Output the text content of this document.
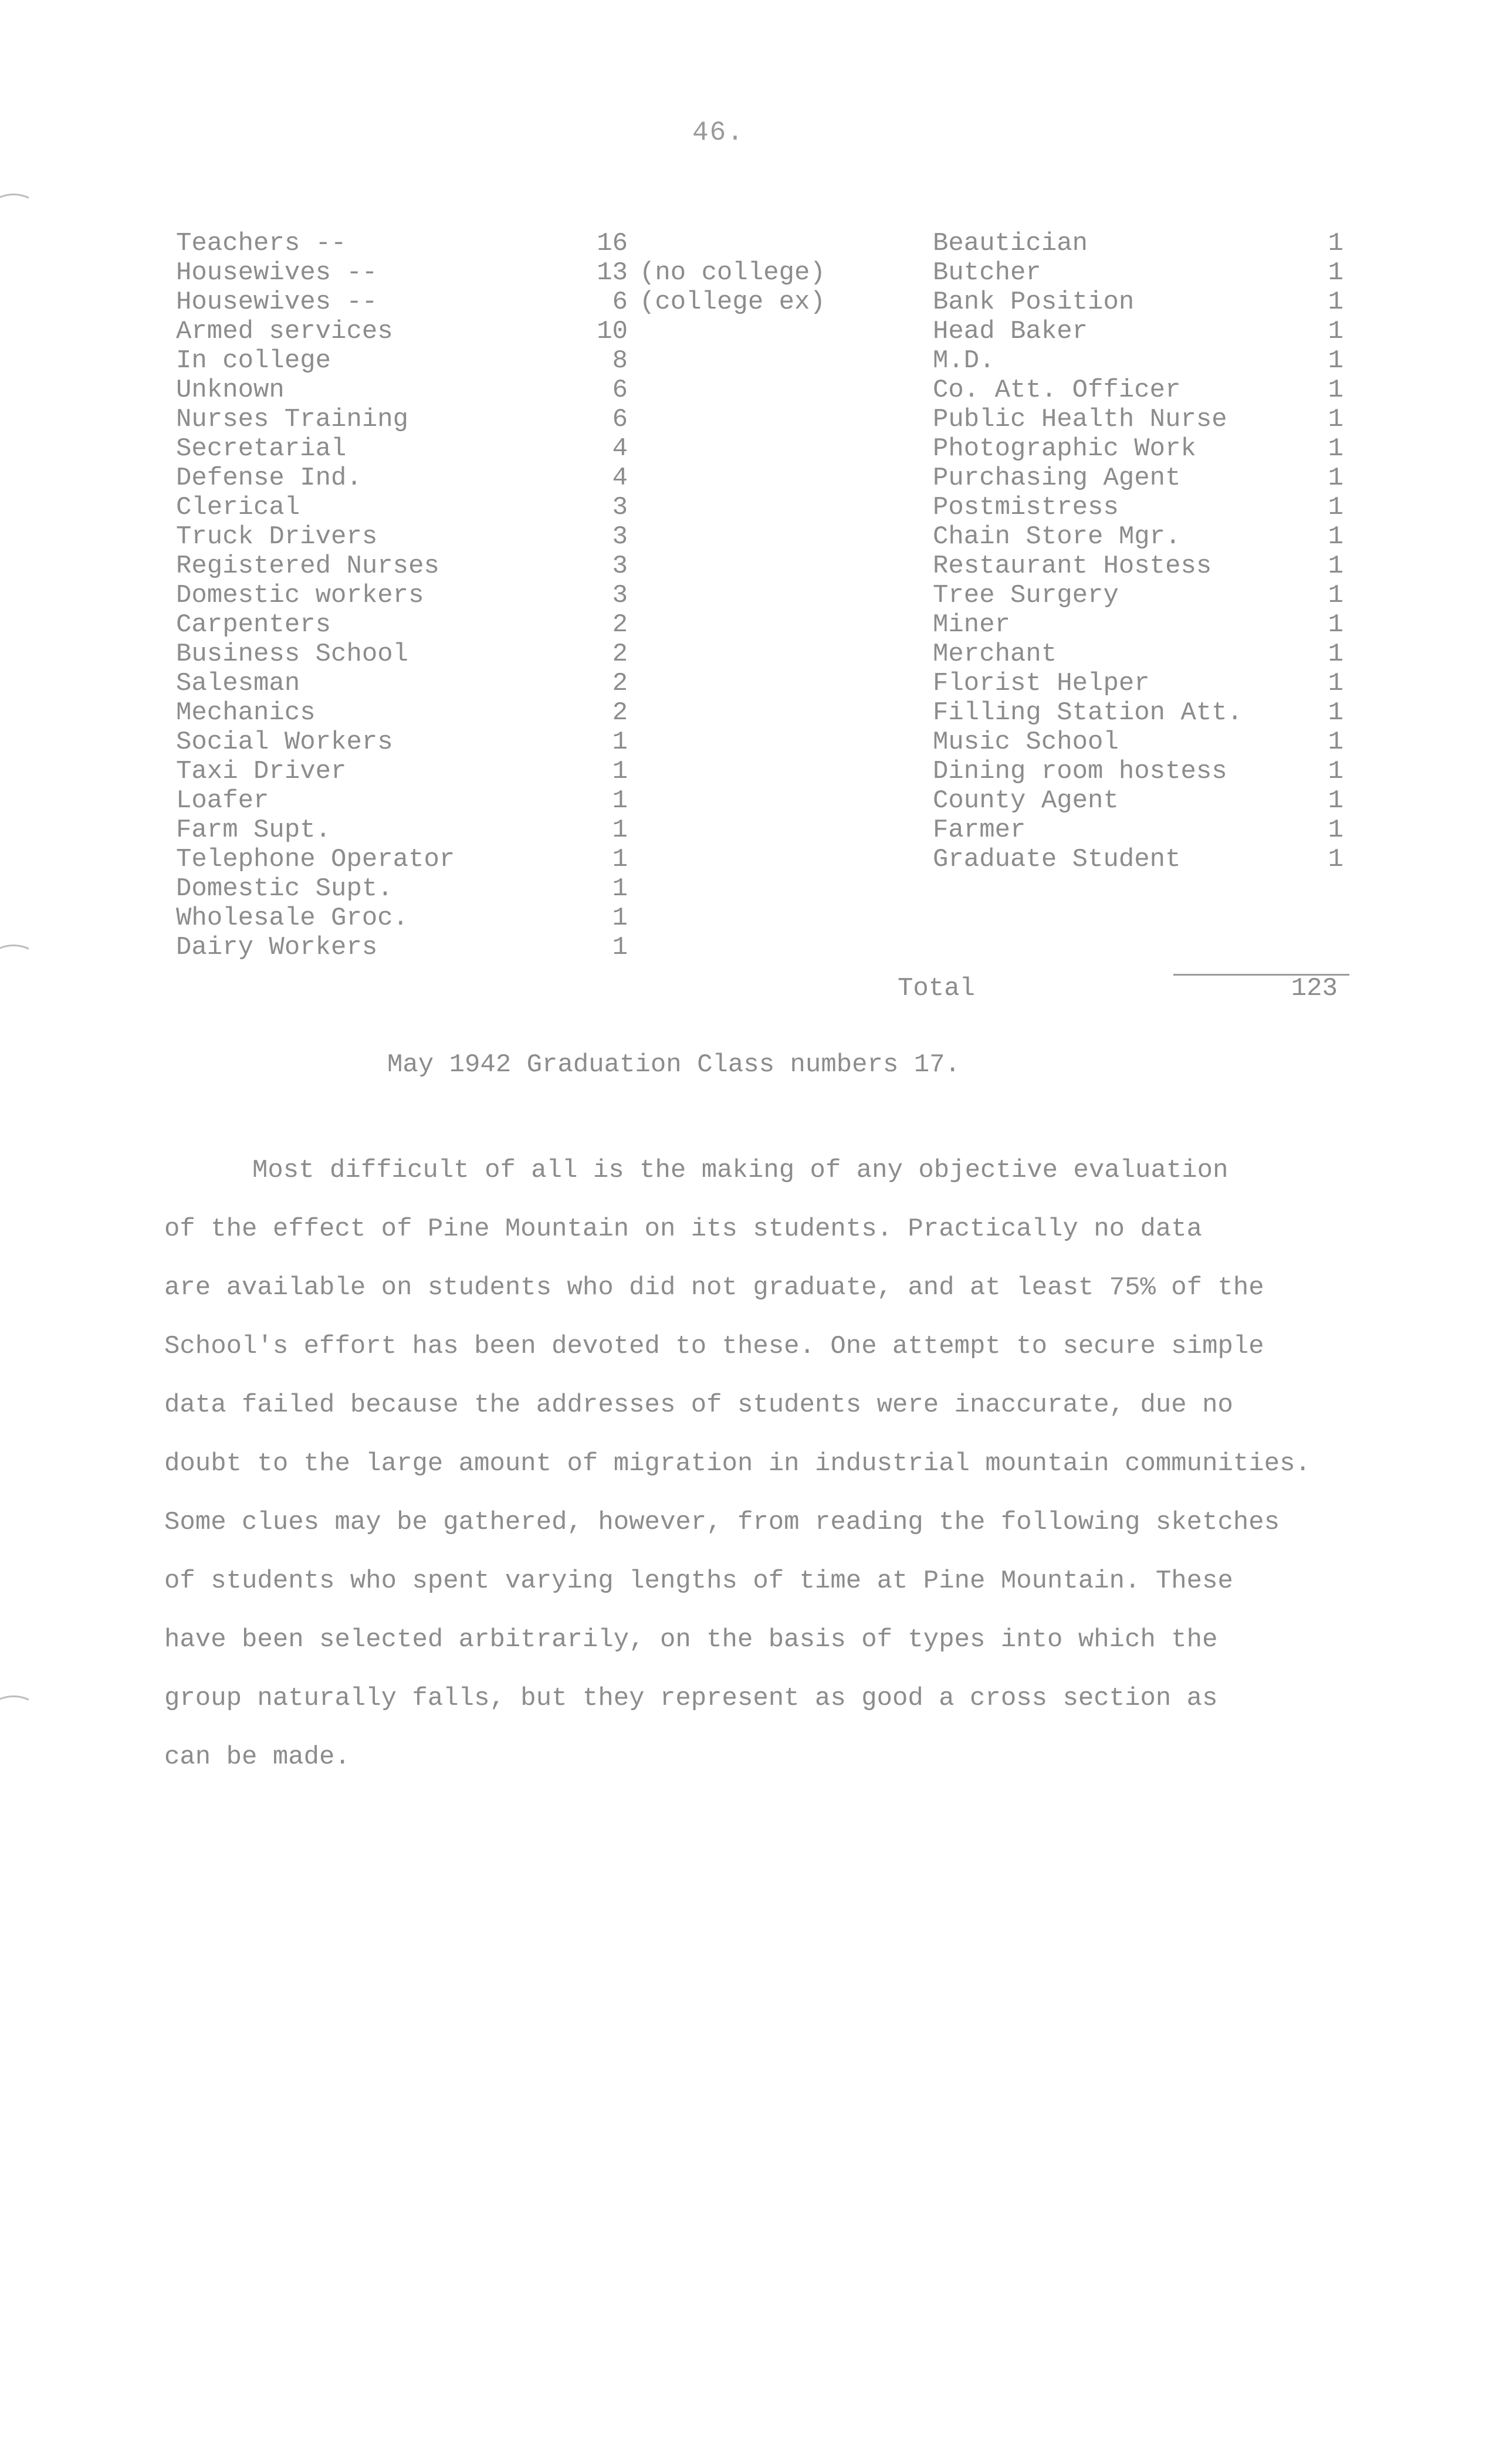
46.
Teachers --	16
Housewives --	13 (no college)
Housewives --	6 (college ex)
Armed services	10
In college	8
Unknown	6
Nurses Training	6
Secretarial	4
Defense Ind.	4
Clerical	3
Truck Drivers	3
Registered Nurses	3
Domestic workers	3
Carpenters	2
Business School	2
Salesman	2
Mechanics	2
Social Workers	1
Taxi Driver	1
Loafer	1
Farm Supt.	1
Telephone Operator	1
Domestic Supt.	1
Wholesale Groc.	1
Dairy Workers	1
Beautician	1
Butcher	1
Bank Position	1
Head Baker	1
M.D.	1
Co. Att. Officer	1
Public Health Nurse	1
Photographic Work	1
Purchasing Agent	1
Postmistress	1
Chain Store Mgr.	1
Restaurant Hostess	1
Tree Surgery	1
Miner	1
Merchant	1
Florist Helper	1
Filling Station Att.	1
Music School	1
Dining room hostess	1
County Agent	1
Farmer	1
Graduate Student	1
Total	123
May 1942 Graduation Class numbers 17.
Most difficult of all is the making of any objective evaluation
of the effect of Pine Mountain on its students. Practically no data
are available on students who did not graduate, and at least 75% of the
School's effort has been devoted to these. One attempt to secure simple
data failed because the addresses of students were inaccurate, due no
doubt to the large amount of migration in industrial mountain communities.
Some clues may be gathered, however, from reading the following sketches
of students who spent varying lengths of time at Pine Mountain. These
have been selected arbitrarily, on the basis of types into which the
group naturally falls, but they represent as good a cross section as
can be made.
